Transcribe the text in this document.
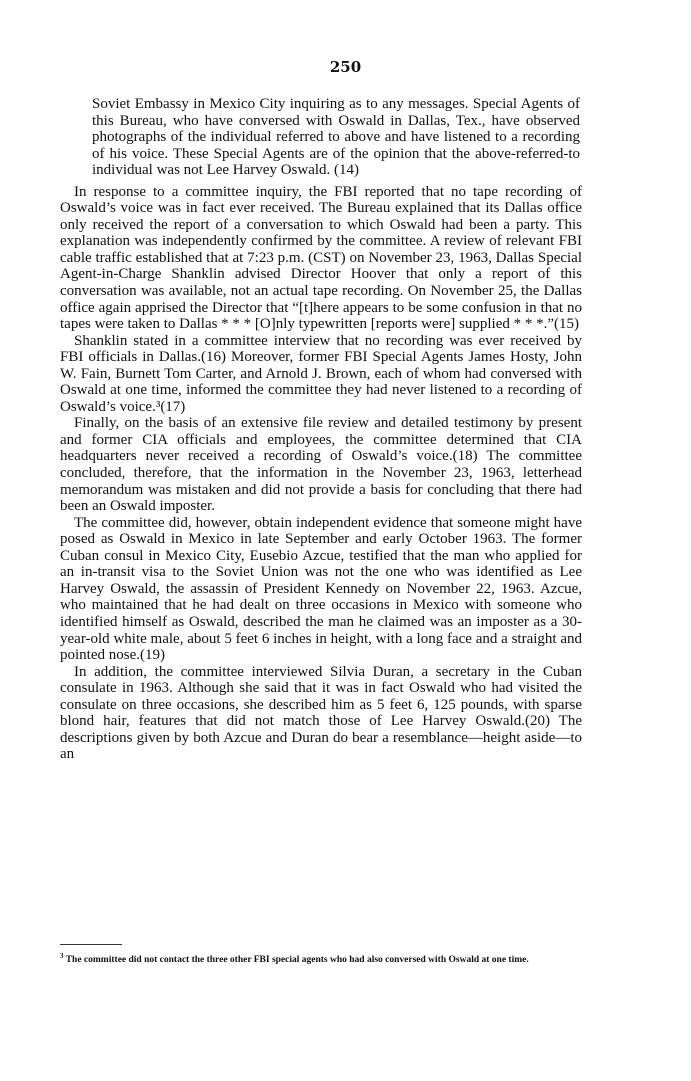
250

Soviet Embassy in Mexico City inquiring as to any messages. Special Agents of this Bureau, who have conversed with Oswald in Dallas, Tex., have observed photographs of the individual referred to above and have listened to a recording of his voice. These Special Agents are of the opinion that the above-referred-to individual was not Lee Harvey Oswald. (14)

In response to a committee inquiry, the FBI reported that no tape recording of Oswald’s voice was in fact ever received. The Bureau explained that its Dallas office only received the report of a conversation to which Oswald had been a party. This explanation was independently confirmed by the committee. A review of relevant FBI cable traffic established that at 7:23 p.m. (CST) on November 23, 1963, Dallas Special Agent-in-Charge Shanklin advised Director Hoover that only a report of this conversation was available, not an actual tape recording. On November 25, the Dallas office again apprised the Director that “[t]here appears to be some confusion in that no tapes were taken to Dallas * * * [O]nly typewritten [reports were] supplied * * *.”(15)

Shanklin stated in a committee interview that no recording was ever received by FBI officials in Dallas.(16) Moreover, former FBI Special Agents James Hosty, John W. Fain, Burnett Tom Carter, and Arnold J. Brown, each of whom had conversed with Oswald at one time, informed the committee they had never listened to a recording of Oswald’s voice.³(17)

Finally, on the basis of an extensive file review and detailed testimony by present and former CIA officials and employees, the committee determined that CIA headquarters never received a recording of Oswald’s voice.(18) The committee concluded, therefore, that the information in the November 23, 1963, letterhead memorandum was mistaken and did not provide a basis for concluding that there had been an Oswald imposter.

The committee did, however, obtain independent evidence that someone might have posed as Oswald in Mexico in late September and early October 1963. The former Cuban consul in Mexico City, Eusebio Azcue, testified that the man who applied for an in-transit visa to the Soviet Union was not the one who was identified as Lee Harvey Oswald, the assassin of President Kennedy on November 22, 1963. Azcue, who maintained that he had dealt on three occasions in Mexico with someone who identified himself as Oswald, described the man he claimed was an imposter as a 30-year-old white male, about 5 feet 6 inches in height, with a long face and a straight and pointed nose.(19)

In addition, the committee interviewed Silvia Duran, a secretary in the Cuban consulate in 1963. Although she said that it was in fact Oswald who had visited the consulate on three occasions, she described him as 5 feet 6, 125 pounds, with sparse blond hair, features that did not match those of Lee Harvey Oswald.(20) The descriptions given by both Azcue and Duran do bear a resemblance—height aside—to an

$^3$ The committee did not contact the three other FBI special agents who had also conversed with Oswald at one time.
